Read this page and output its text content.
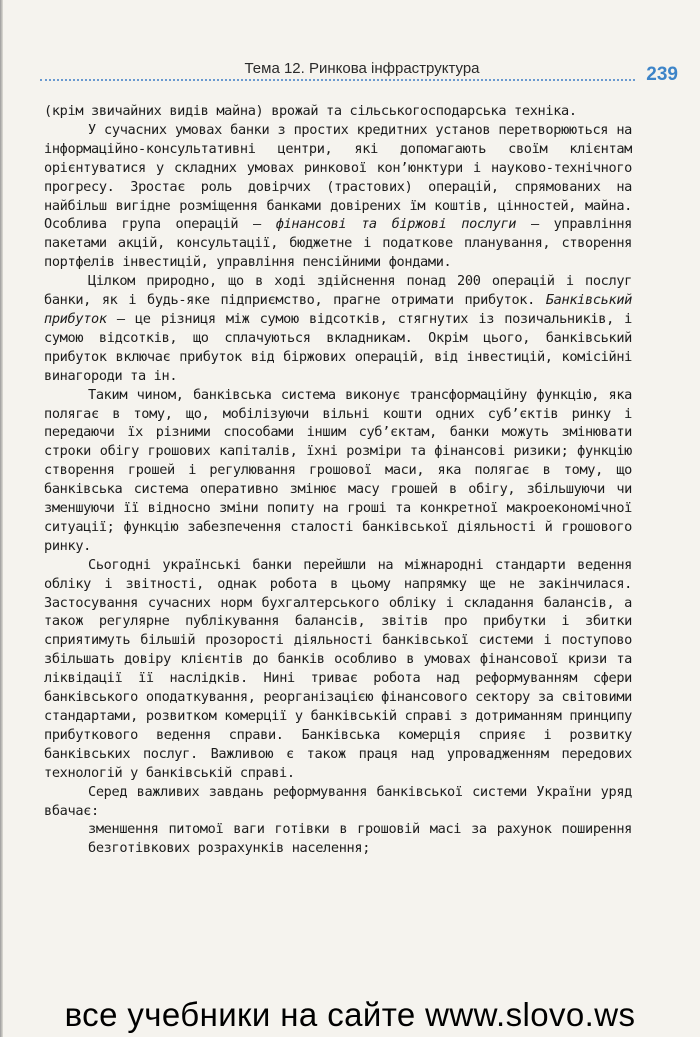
Тема 12. Ринкова інфраструктура	239

(крім звичайних видів майна) врожай та сільськогосподарська техніка.

У сучасних умовах банки з простих кредитних установ перетворюються на інформаційно-консультативні центри, які допомагають своїм клієнтам орієнтуватися у складних умовах ринкової кон’юнктури і науково-технічного прогресу. Зростає роль довірчих (трастових) операцій, спрямованих на найбільш вигідне розміщення банками довірених їм коштів, цінностей, майна. Особлива група операцій — фінансові та біржові послуги — управління пакетами акцій, консультації, бюджетне і податкове планування, створення портфелів інвестицій, управління пенсійними фондами.

Цілком природно, що в ході здійснення понад 200 операцій і послуг банки, як і будь-яке підприємство, прагне отримати прибуток. Банківський прибуток — це різниця між сумою відсотків, стягнутих із позичальників, і сумою відсотків, що сплачуються вкладникам. Окрім цього, банківський прибуток включає прибуток від біржових операцій, від інвестицій, комісійні винагороди та ін.

Таким чином, банківська система виконує трансформаційну функцію, яка полягає в тому, що, мобілізуючи вільні кошти одних суб’єктів ринку і передаючи їх різними способами іншим суб’єктам, банки можуть змінювати строки обігу грошових капіталів, їхні розміри та фінансові ризики; функцію створення грошей і регулювання грошової маси, яка полягає в тому, що банківська система оперативно змінює масу грошей в обігу, збільшуючи чи зменшуючи її відносно зміни попиту на гроші та конкретної макроекономічної ситуації; функцію забезпечення сталості банківської діяльності й грошового ринку.

Сьогодні українські банки перейшли на міжнародні стандарти ведення обліку і звітності, однак робота в цьому напрямку ще не закінчилася. Застосування сучасних норм бухгалтерського обліку і складання балансів, а також регулярне публікування балансів, звітів про прибутки і збитки сприятимуть більшій прозорості діяльності банківської системи і поступово збільшать довіру клієнтів до банків особливо в умовах фінансової кризи та ліквідації її наслідків. Нині триває робота над реформуванням сфери банківського оподаткування, реорганізацією фінансового сектору за світовими стандартами, розвитком комерції у банківській справі з дотриманням принципу прибуткового ведення справи. Банківська комерція сприяє і розвитку банківських послуг. Важливою є також праця над упровадженням передових технологій у банківській справі.

Серед важливих завдань реформування банківської системи України уряд вбачає:

зменшення питомої ваги готівки в грошовій масі за рахунок поширення безготівкових розрахунків населення;

все учебники на сайте www.slovo.ws
